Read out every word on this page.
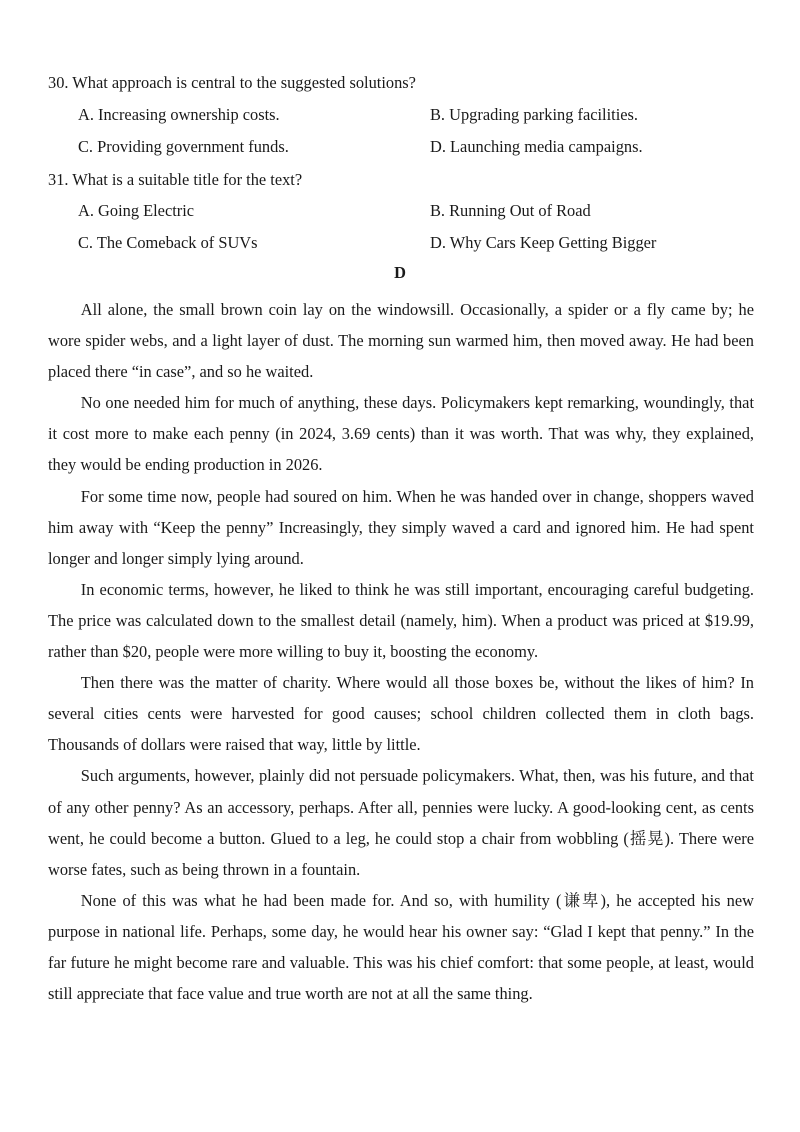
30. What approach is central to the suggested solutions?
A. Increasing ownership costs.	B. Upgrading parking facilities.
C. Providing government funds.	D. Launching media campaigns.
31. What is a suitable title for the text?
A. Going Electric	B. Running Out of Road
C. The Comeback of SUVs	D. Why Cars Keep Getting Bigger
D

All alone, the small brown coin lay on the windowsill. Occasionally, a spider or a fly came by; he wore spider webs, and a light layer of dust. The morning sun warmed him, then moved away. He had been placed there “in case”, and so he waited.

No one needed him for much of anything, these days. Policymakers kept remarking, woundingly, that it cost more to make each penny (in 2024, 3.69 cents) than it was worth. That was why, they explained, they would be ending production in 2026.

For some time now, people had soured on him. When he was handed over in change, shoppers waved him away with “Keep the penny” Increasingly, they simply waved a card and ignored him. He had spent longer and longer simply lying around.

In economic terms, however, he liked to think he was still important, encouraging careful budgeting. The price was calculated down to the smallest detail (namely, him). When a product was priced at $19.99, rather than $20, people were more willing to buy it, boosting the economy.

Then there was the matter of charity. Where would all those boxes be, without the likes of him? In several cities cents were harvested for good causes; school children collected them in cloth bags. Thousands of dollars were raised that way, little by little.

Such arguments, however, plainly did not persuade policymakers. What, then, was his future, and that of any other penny? As an accessory, perhaps. After all, pennies were lucky. A good-looking cent, as cents went, he could become a button. Glued to a leg, he could stop a chair from wobbling (摇晃). There were worse fates, such as being thrown in a fountain.

None of this was what he had been made for. And so, with humility (谦卑), he accepted his new purpose in national life. Perhaps, some day, he would hear his owner say: “Glad I kept that penny.” In the far future he might become rare and valuable. This was his chief comfort: that some people, at least, would still appreciate that face value and true worth are not at all the same thing.
